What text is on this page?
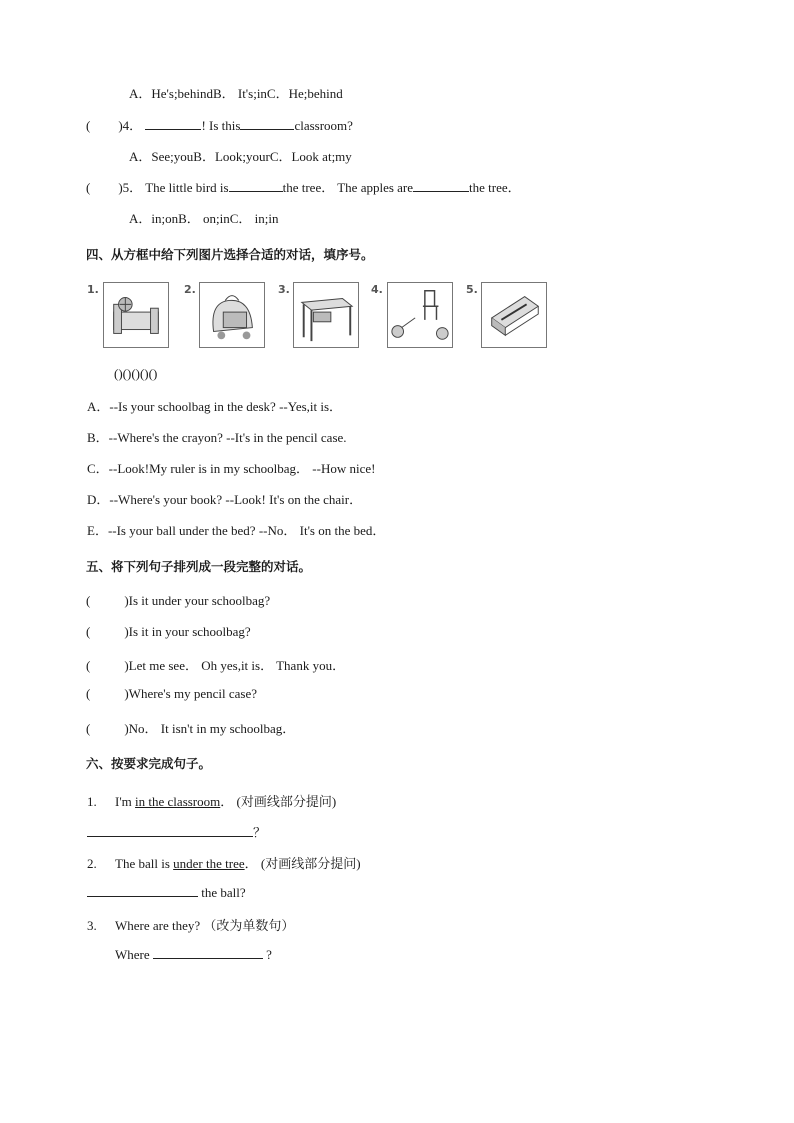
A．He's;behindB． It's;inC．He;behind
( )4．	! Is this	classroom?
A．See;youB．Look;yourC．Look at;my
( )5． The little bird is	the tree． The apples are	the tree．
A．in;onB． on;inC． in;in
四、从方框中给下列图片选择合适的对话，填序号。
1.	2.	3.	4.	5.
()()()()()
A．--Is your schoolbag in the desk? --Yes,it is．
B．--Where's the crayon? --It's in the pencil case.
C．--Look!My ruler is in my schoolbag． --How nice!
D．--Where's your book? --Look! It's on the chair．
E．--Is your ball under the bed? --No． It's on the bed．
五、将下列句子排列成一段完整的对话。
(	)Is it under your schoolbag?
(	)Is it in your schoolbag?
(	)Let me see． Oh yes,it is． Thank you．
(	)Where's my pencil case?
(	)No． It isn't in my schoolbag．
六、按要求完成句子。
1. I'm in the classroom． (对画线部分提问)
？
2. The ball is under the tree． (对画线部分提问)
the ball?
3. Where are they? （改为单数句）
Where	?
